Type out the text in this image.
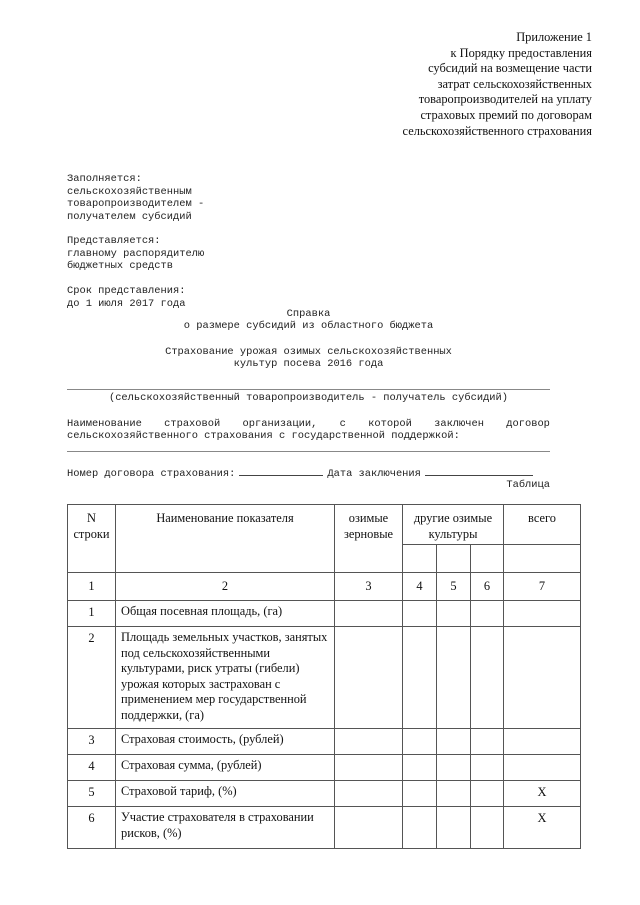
Приложение 1
к Порядку предоставления
субсидий на возмещение части
затрат сельскохозяйственных
товаропроизводителей на уплату
страховых премий по договорам
сельскохозяйственного страхования
Заполняется:
сельскохозяйственным
товаропроизводителем -
получателем субсидий
Представляется:
главному распорядителю
бюджетных средств
Срок представления:
до 1 июля 2017 года
Справка
о размере субсидий из областного бюджета
Страхование урожая озимых сельскохозяйственных
культур посева 2016 года
(сельскохозяйственный товаропроизводитель - получатель субсидий)
Наименование страховой организации, с которой заключен договор
сельскохозяйственного страхования с государственной поддержкой:
Номер договора страхования:	Дата заключения
Таблица
N строки	Наименование показателя	озимые зерновые	другие озимые культуры			всего

1	2	3	4	5	6	7
1	Общая посевная площадь, (га)					
2	Площадь земельных участков, занятых под сельскохозяйственными культурами, риск утраты (гибели) урожая которых застрахован с применением мер государственной поддержки, (га)					
3	Страховая стоимость, (рублей)					
4	Страховая сумма, (рублей)					
5	Страховой тариф, (%)					X
6	Участие страхователя в страховании рисков, (%)					X
